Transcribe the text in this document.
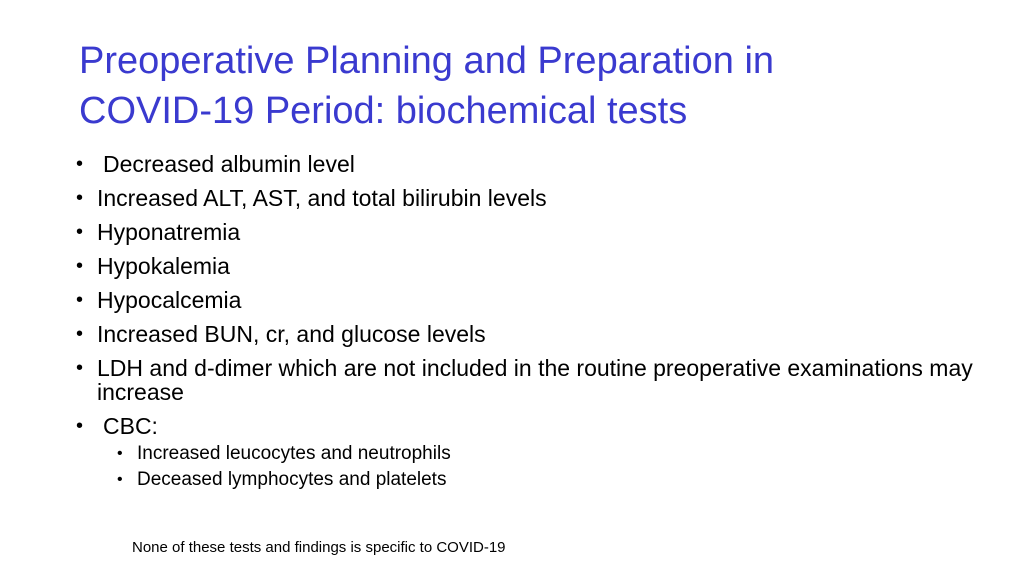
Preoperative Planning and Preparation in
COVID-19 Period: biochemical tests
• Decreased albumin level
• Increased ALT, AST, and total bilirubin levels
• Hyponatremia
• Hypokalemia
• Hypocalcemia
• Increased BUN, cr, and glucose levels
• LDH and d-dimer which are not included in the routine preoperative examinations may increase
• CBC:
• Increased leucocytes and neutrophils
• Deceased lymphocytes and platelets
None of these tests and findings is specific to COVID-19
